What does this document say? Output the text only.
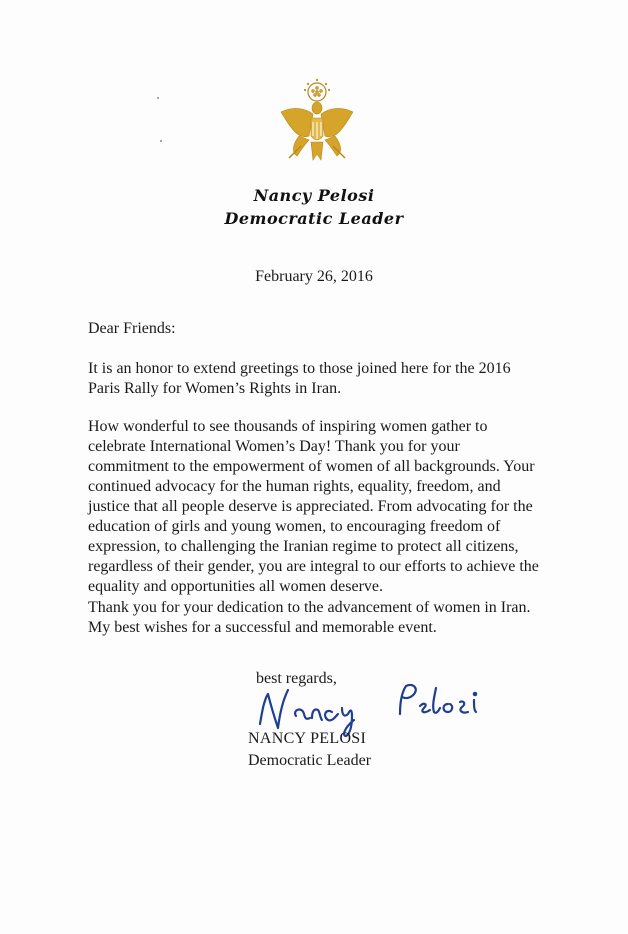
Nancy Pelosi
Democratic Leader
February 26, 2016
Dear Friends:

It is an honor to extend greetings to those joined here for the 2016
Paris Rally for Women’s Rights in Iran.

How wonderful to see thousands of inspiring women gather to
celebrate International Women’s Day! Thank you for your
commitment to the empowerment of women of all backgrounds. Your
continued advocacy for the human rights, equality, freedom, and
justice that all people deserve is appreciated. From advocating for the
education of girls and young women, to encouraging freedom of
expression, to challenging the Iranian regime to protect all citizens,
regardless of their gender, you are integral to our efforts to achieve the
equality and opportunities all women deserve.

Thank you for your dedication to the advancement of women in Iran.
My best wishes for a successful and memorable event.

best regards,
NANCY PELOSI
Democratic Leader
